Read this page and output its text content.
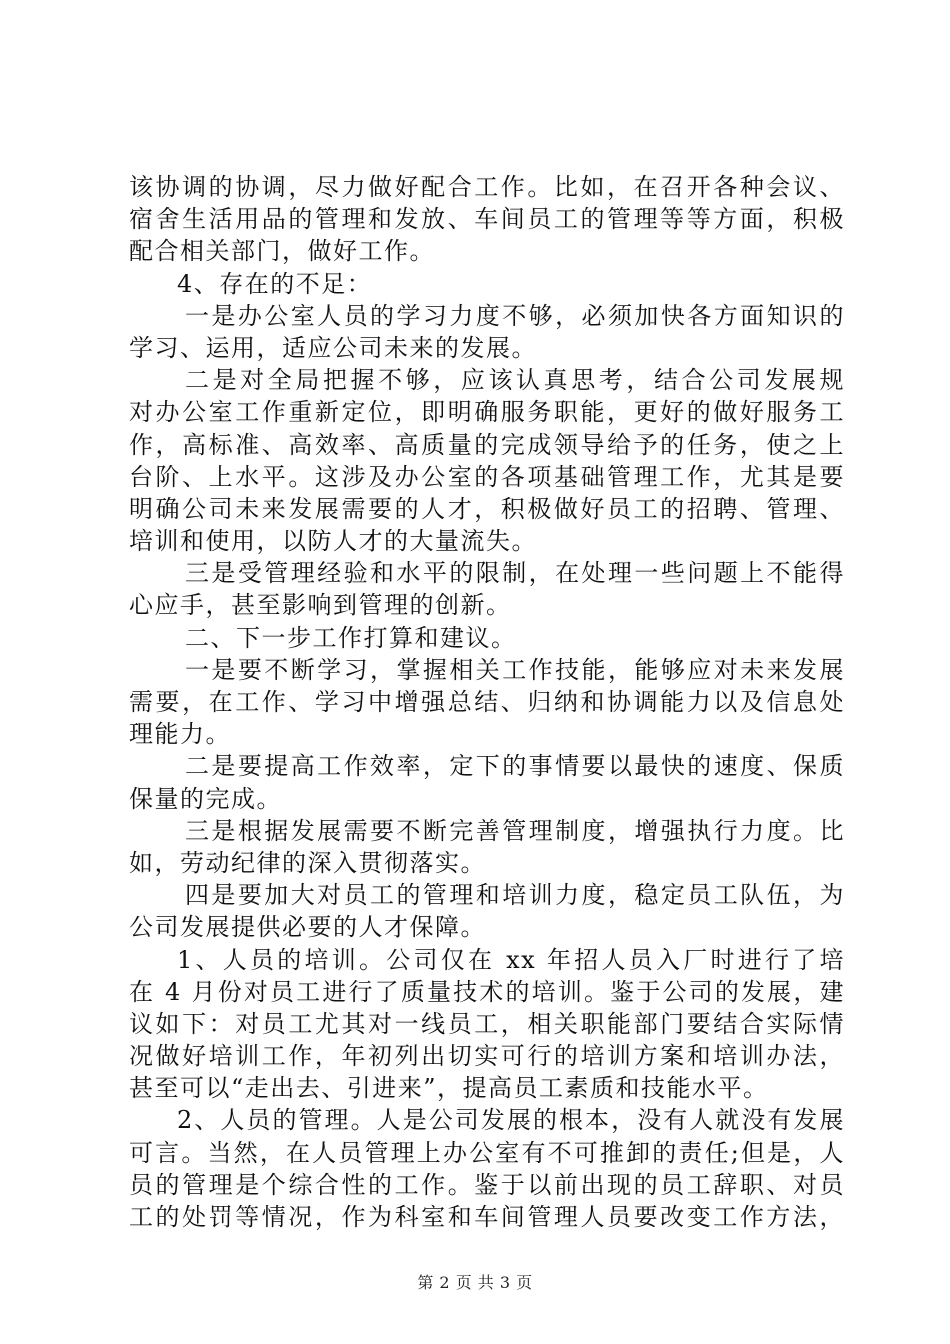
该协调的协调，尽力做好配合工作。比如，在召开各种会议、
宿舍生活用品的管理和发放、车间员工的管理等等方面，积极
配合相关部门，做好工作。
4、存在的不足：
一是办公室人员的学习力度不够，必须加快各方面知识的
学习、运用，适应公司未来的发展。
二是对全局把握不够，应该认真思考，结合公司发展规
对办公室工作重新定位，即明确服务职能，更好的做好服务工
作，高标准、高效率、高质量的完成领导给予的任务，使之上
台阶、上水平。这涉及办公室的各项基础管理工作，尤其是要
明确公司未来发展需要的人才，积极做好员工的招聘、管理、
培训和使用，以防人才的大量流失。
三是受管理经验和水平的限制，在处理一些问题上不能得
心应手，甚至影响到管理的创新。
二、下一步工作打算和建议。
一是要不断学习，掌握相关工作技能，能够应对未来发展
需要，在工作、学习中增强总结、归纳和协调能力以及信息处
理能力。
二是要提高工作效率，定下的事情要以最快的速度、保质
保量的完成。
三是根据发展需要不断完善管理制度，增强执行力度。比
如，劳动纪律的深入贯彻落实。
四是要加大对员工的管理和培训力度，稳定员工队伍，为
公司发展提供必要的人才保障。
1、人员的培训。公司仅在 xx 年招人员入厂时进行了培
在 4 月份对员工进行了质量技术的培训。鉴于公司的发展，建
议如下：对员工尤其对一线员工，相关职能部门要结合实际情
况做好培训工作，年初列出切实可行的培训方案和培训办法，
甚至可以“走出去、引进来”，提高员工素质和技能水平。
2、人员的管理。人是公司发展的根本，没有人就没有发展
可言。当然，在人员管理上办公室有不可推卸的责任;但是，人
员的管理是个综合性的工作。鉴于以前出现的员工辞职、对员
工的处罚等情况，作为科室和车间管理人员要改变工作方法，
第 2 页 共 3 页
